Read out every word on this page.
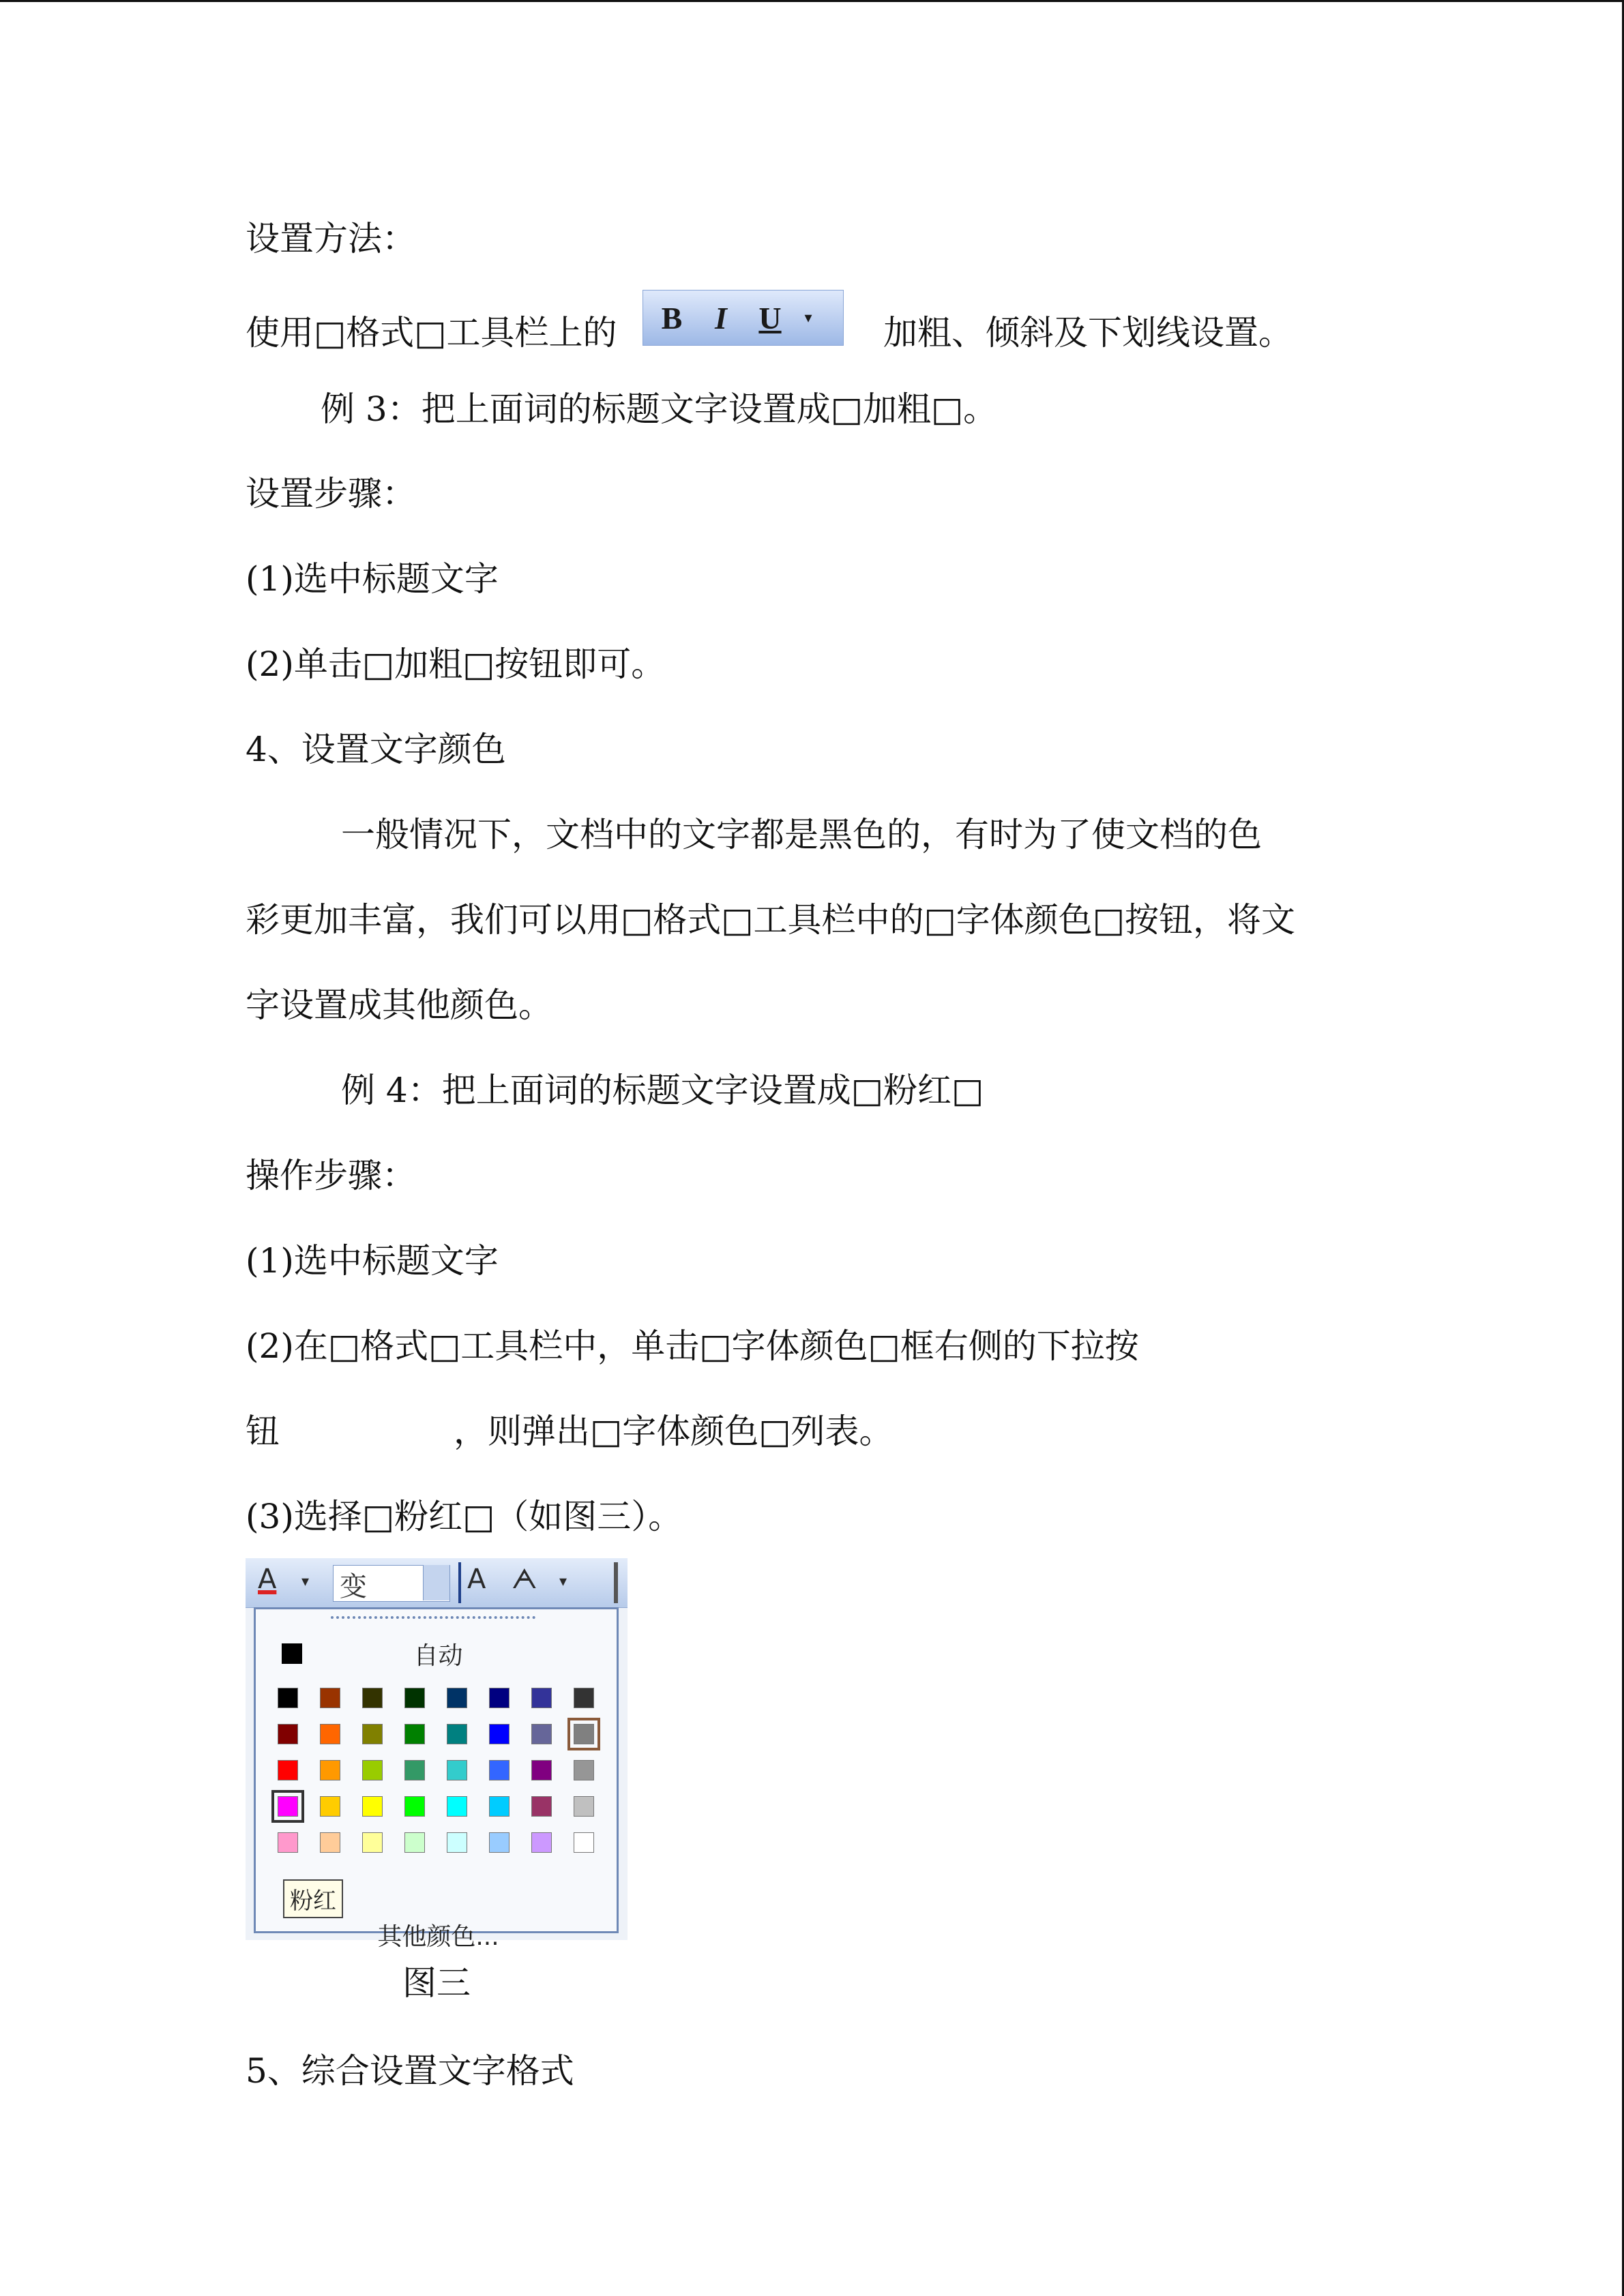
设置方法：
使用□格式□工具栏上的	B	I	U	▾ 加粗、倾斜及下划线设置。
例 3：把上面词的标题文字设置成□加粗□。
设置步骤：
(1)选中标题文字
(2)单击□加粗□按钮即可。
4、设置文字颜色
一般情况下，文档中的文字都是黑色的，有时为了使文档的色
彩更加丰富，我们可以用□格式□工具栏中的□字体颜色□按钮，将文
字设置成其他颜色。
例 4：把上面词的标题文字设置成□粉红□
操作步骤：
(1)选中标题文字
(2)在□格式□工具栏中，单击□字体颜色□框右侧的下拉按
钮	，则弹出□字体颜色□列表。
(3)选择□粉红□（如图三）。
A ▾ 变	A ᗅ ▾
自动
粉红
其他颜色...
图三
5、综合设置文字格式
